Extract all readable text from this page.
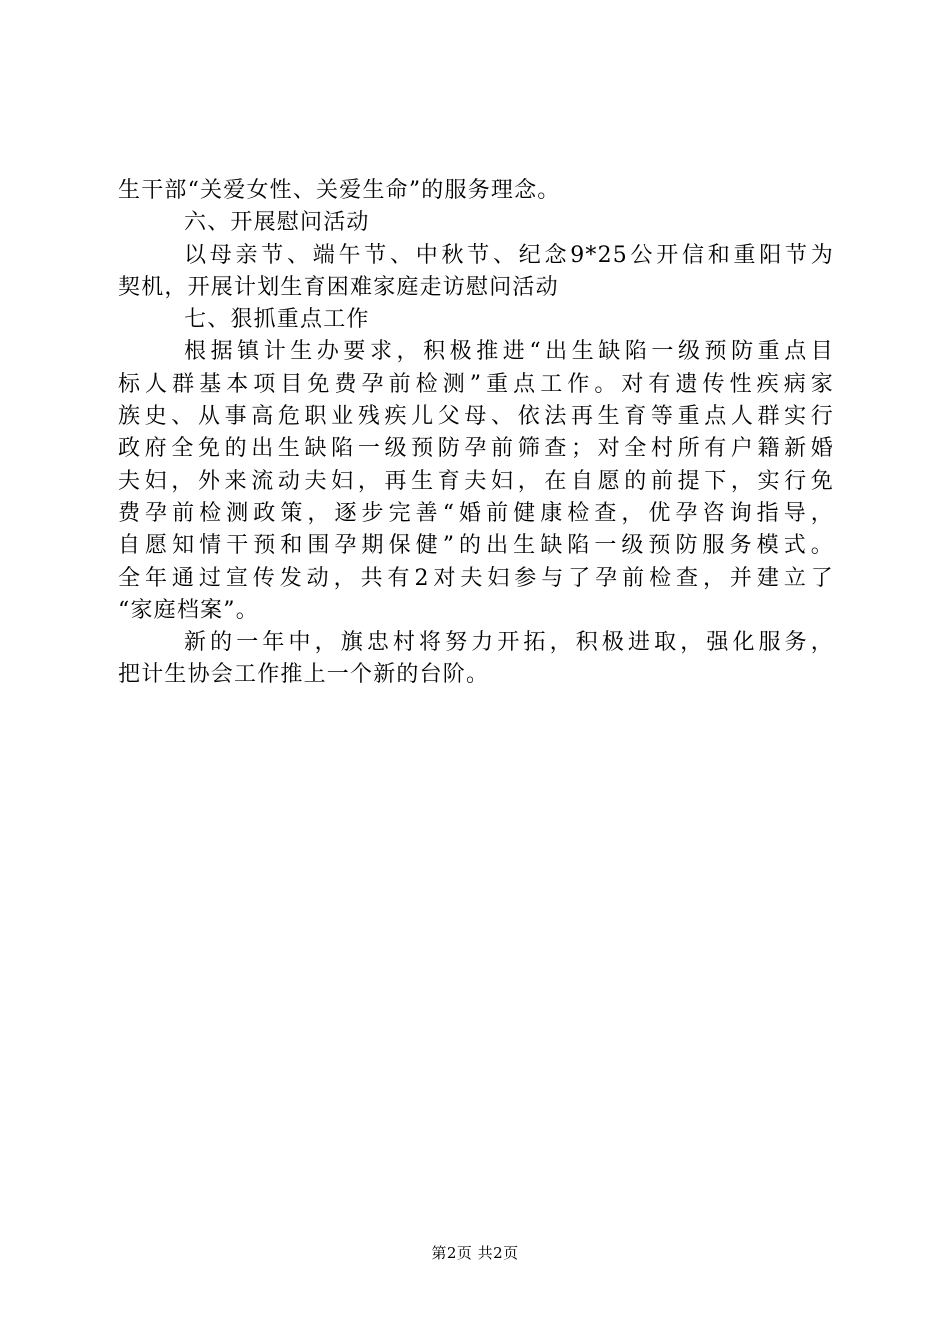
生干部“关爱女性、关爱生命”的服务理念。
六、开展慰问活动
以母亲节、端午节、中秋节、纪念9*25公开信和重阳节为
契机，开展计划生育困难家庭走访慰问活动
七、狠抓重点工作
根据镇计生办要求，积极推进“出生缺陷一级预防重点目
标人群基本项目免费孕前检测”重点工作。对有遗传性疾病家
族史、从事高危职业残疾儿父母、依法再生育等重点人群实行
政府全免的出生缺陷一级预防孕前筛查；对全村所有户籍新婚
夫妇，外来流动夫妇，再生育夫妇，在自愿的前提下，实行免
费孕前检测政策，逐步完善“婚前健康检查，优孕咨询指导，
自愿知情干预和围孕期保健”的出生缺陷一级预防服务模式。
全年通过宣传发动，共有2对夫妇参与了孕前检查，并建立了
“家庭档案”。
新的一年中，旗忠村将努力开拓，积极进取，强化服务，
把计生协会工作推上一个新的台阶。
第2页 共2页
